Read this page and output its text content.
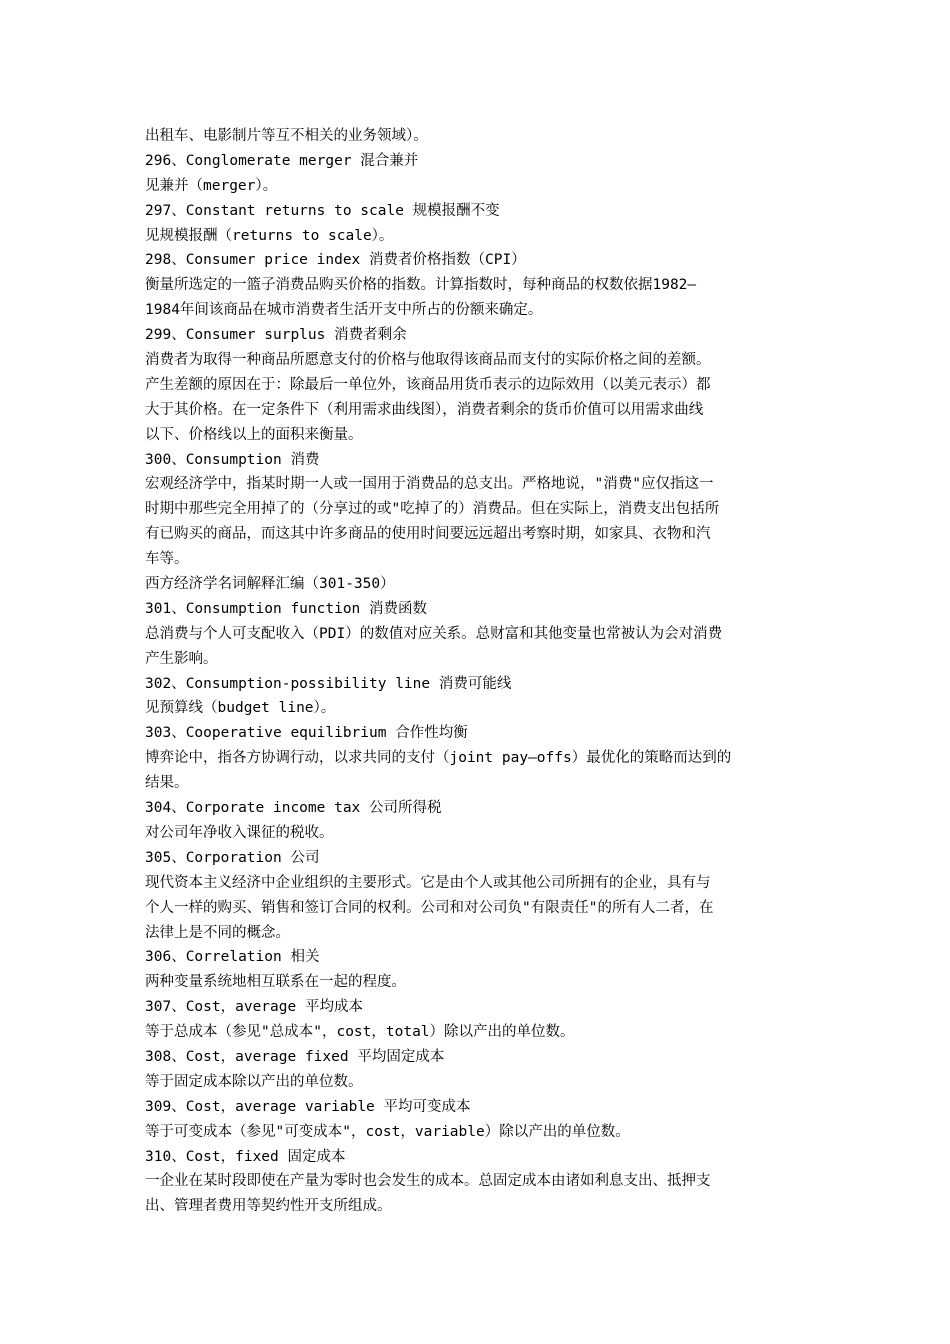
出租车、电影制片等互不相关的业务领域）。
296、Conglomerate merger 混合兼并
见兼并（merger）。
297、Constant returns to scale 规模报酬不变
见规模报酬（returns to scale）。
298、Consumer price index 消费者价格指数（CPI）
衡量所选定的一篮子消费品购买价格的指数。计算指数时，每种商品的权数依据1982—
1984年间该商品在城市消费者生活开支中所占的份额来确定。
299、Consumer surplus 消费者剩余
消费者为取得一种商品所愿意支付的价格与他取得该商品而支付的实际价格之间的差额。
产生差额的原因在于：除最后一单位外，该商品用货币表示的边际效用（以美元表示）都
大于其价格。在一定条件下（利用需求曲线图），消费者剩余的货币价值可以用需求曲线
以下、价格线以上的面积来衡量。
300、Consumption 消费
宏观经济学中，指某时期一人或一国用于消费品的总支出。严格地说，"消费"应仅指这一
时期中那些完全用掉了的（分享过的或"吃掉了的）消费品。但在实际上，消费支出包括所
有已购买的商品，而这其中许多商品的使用时间要远远超出考察时期，如家具、衣物和汽
车等。
西方经济学名词解释汇编（301-350）
301、Consumption function 消费函数
总消费与个人可支配收入（PDI）的数值对应关系。总财富和其他变量也常被认为会对消费
产生影响。
302、Consumption-possibility line 消费可能线
见预算线（budget line）。
303、Cooperative equilibrium 合作性均衡
博弈论中，指各方协调行动，以求共同的支付（joint pay—offs）最优化的策略而达到的
结果。
304、Corporate income tax 公司所得税
对公司年净收入课征的税收。
305、Corporation 公司
现代资本主义经济中企业组织的主要形式。它是由个人或其他公司所拥有的企业，具有与
个人一样的购买、销售和签订合同的权利。公司和对公司负"有限责任"的所有人二者，在
法律上是不同的概念。
306、Correlation 相关
两种变量系统地相互联系在一起的程度。
307、Cost，average 平均成本
等于总成本（参见"总成本"，cost，total）除以产出的单位数。
308、Cost，average fixed 平均固定成本
等于固定成本除以产出的单位数。
309、Cost，average variable 平均可变成本
等于可变成本（参见"可变成本"，cost，variable）除以产出的单位数。
310、Cost，fixed 固定成本
一企业在某时段即使在产量为零时也会发生的成本。总固定成本由诸如利息支出、抵押支
出、管理者费用等契约性开支所组成。
